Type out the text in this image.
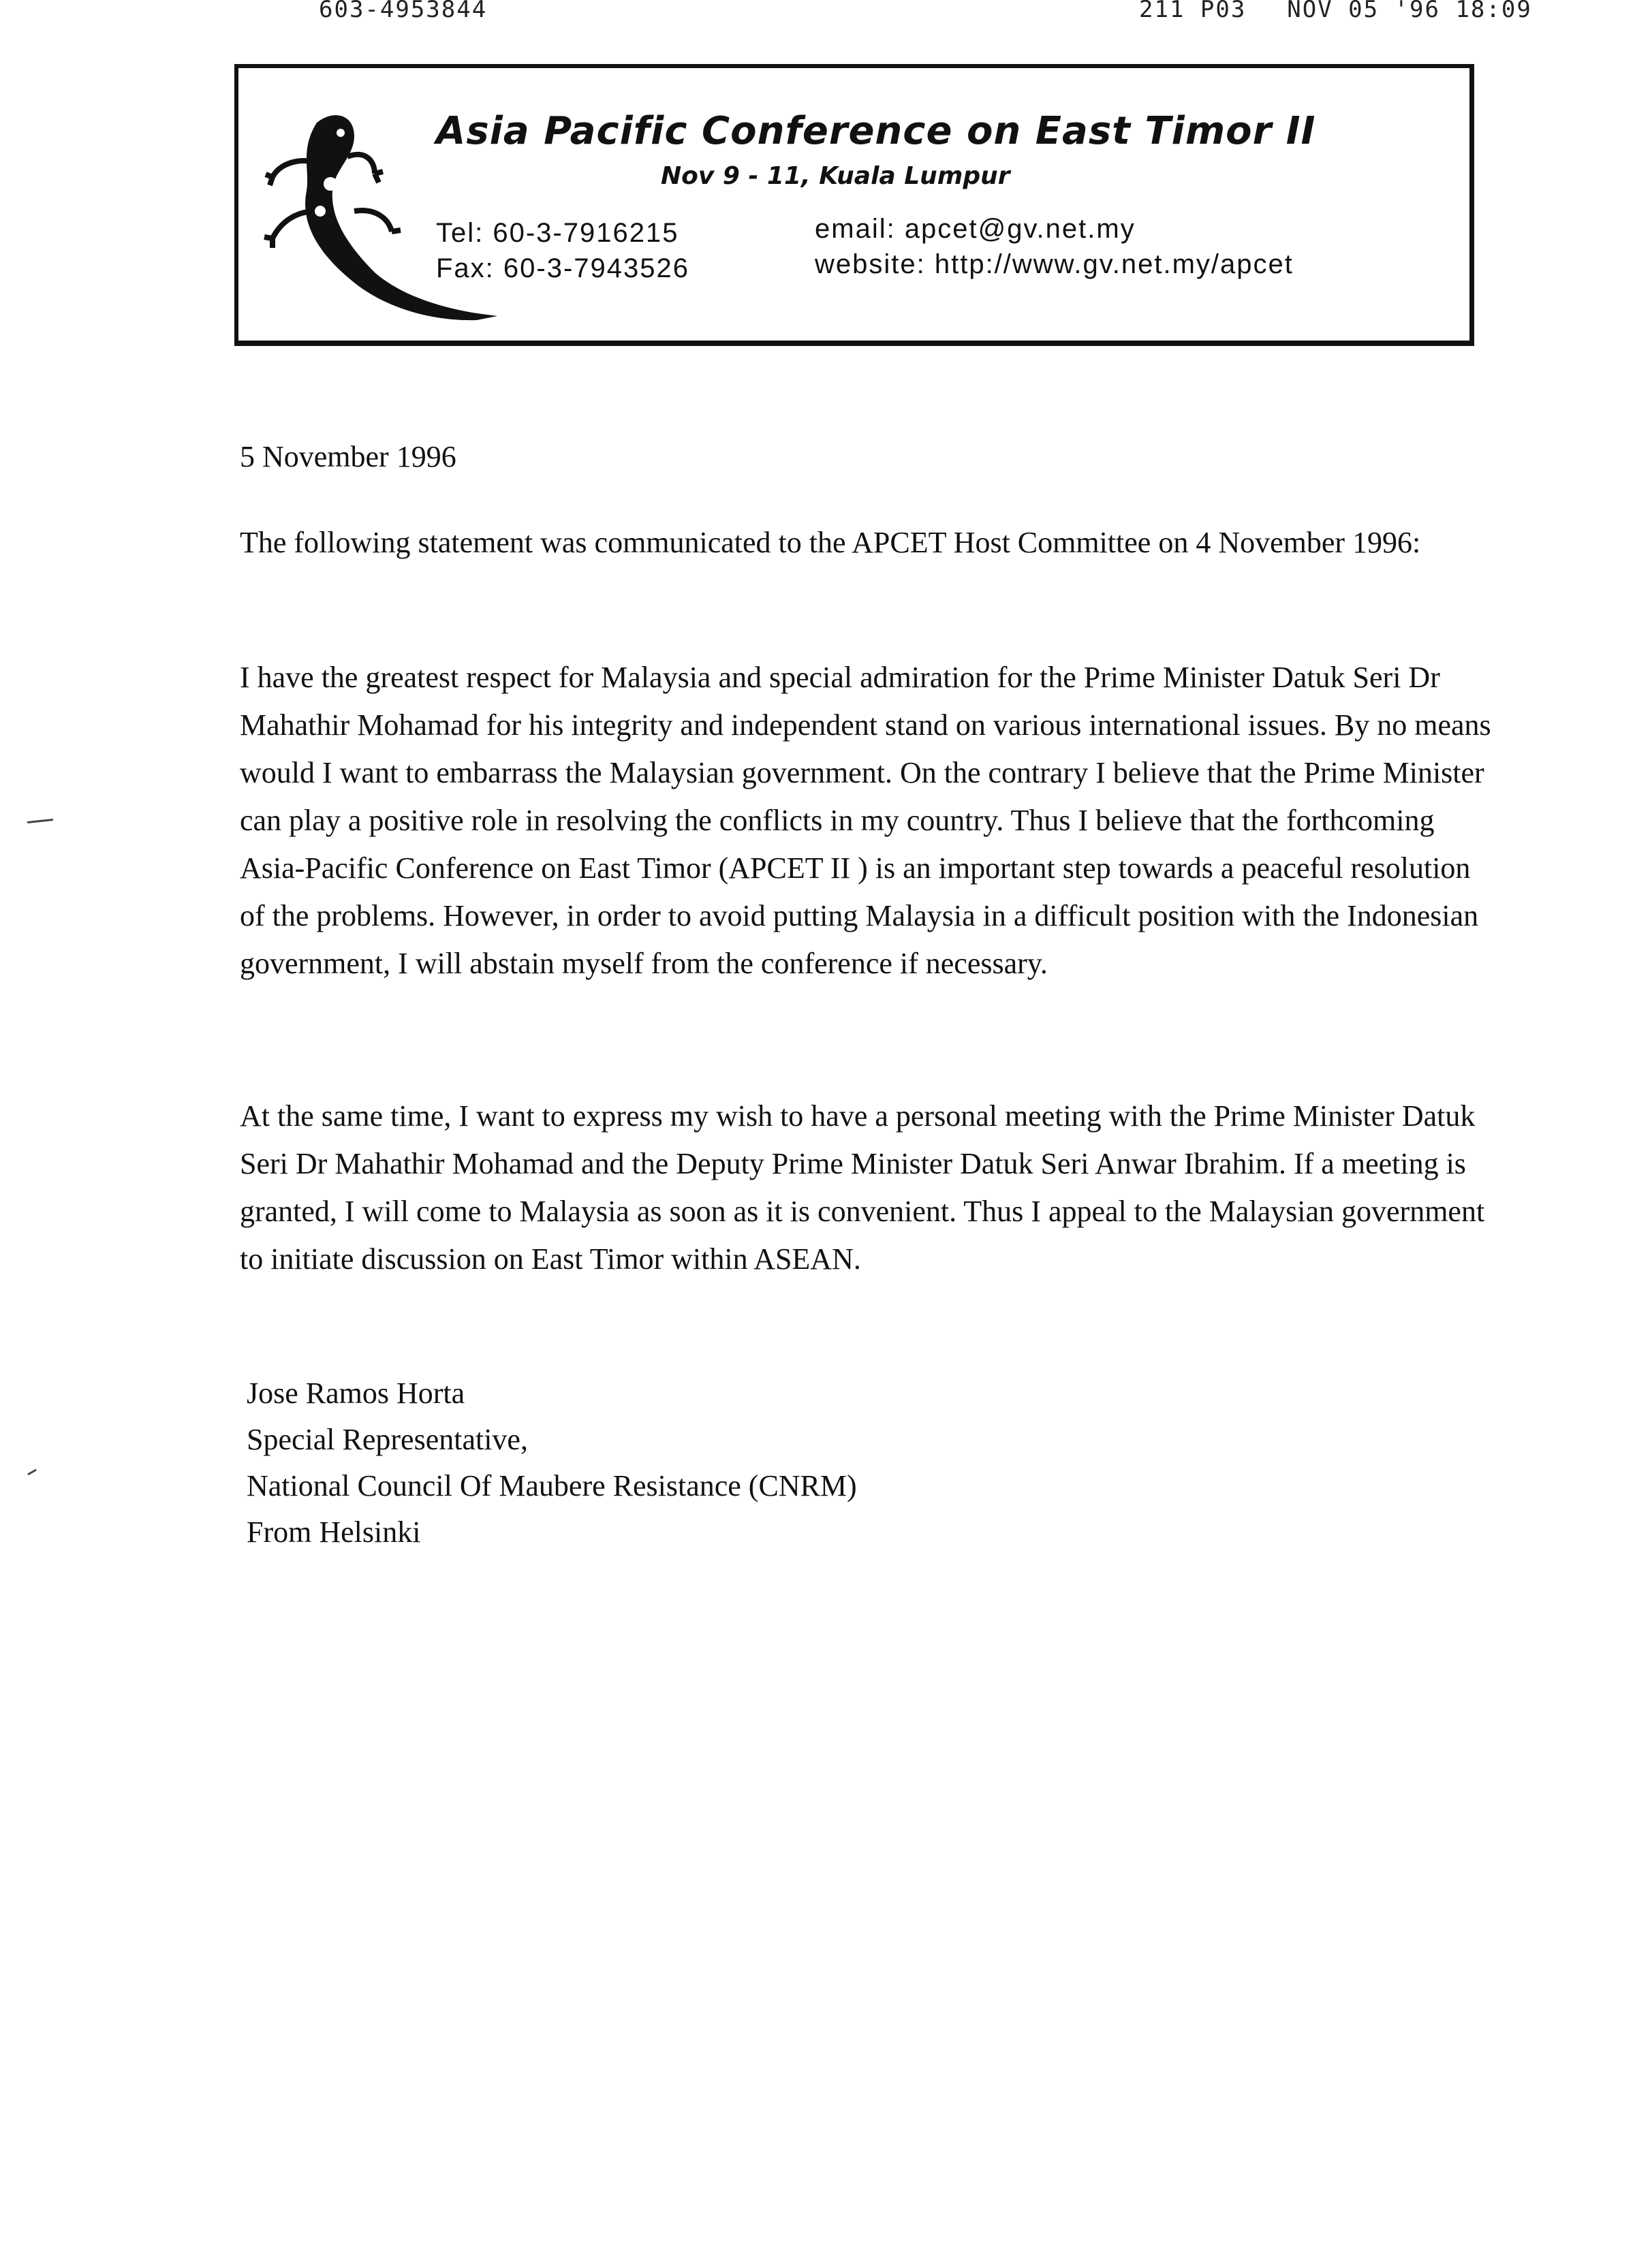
603-4953844	211 P03 NOV 05 '96 18:09
Asia Pacific Conference on East Timor II
Nov 9 - 11, Kuala Lumpur
Tel: 60-3-7916215
Fax: 60-3-7943526
email: apcet@gv.net.my
website: http://www.gv.net.my/apcet
5 November 1996

The following statement was communicated to the APCET Host Committee on 4 November 1996:

I have the greatest respect for Malaysia and special admiration for the Prime Minister Datuk Seri Dr Mahathir Mohamad for his integrity and independent stand on various international issues. By no means would I want to embarrass the Malaysian government. On the contrary I believe that the Prime Minister can play a positive role in resolving the conflicts in my country. Thus I believe that the forthcoming Asia-Pacific Conference on East Timor (APCET II ) is an important step towards a peaceful resolution of the problems. However, in order to avoid putting Malaysia in a difficult position with the Indonesian government, I will abstain myself from the conference if necessary.

At the same time, I want to express my wish to have a personal meeting with the Prime Minister Datuk Seri Dr Mahathir Mohamad and the Deputy Prime Minister Datuk Seri Anwar Ibrahim. If a meeting is granted, I will come to Malaysia as soon as it is convenient. Thus I appeal to the Malaysian government to initiate discussion on East Timor within ASEAN.

Jose Ramos Horta
Special Representative,
National Council Of Maubere Resistance (CNRM)
From Helsinki
